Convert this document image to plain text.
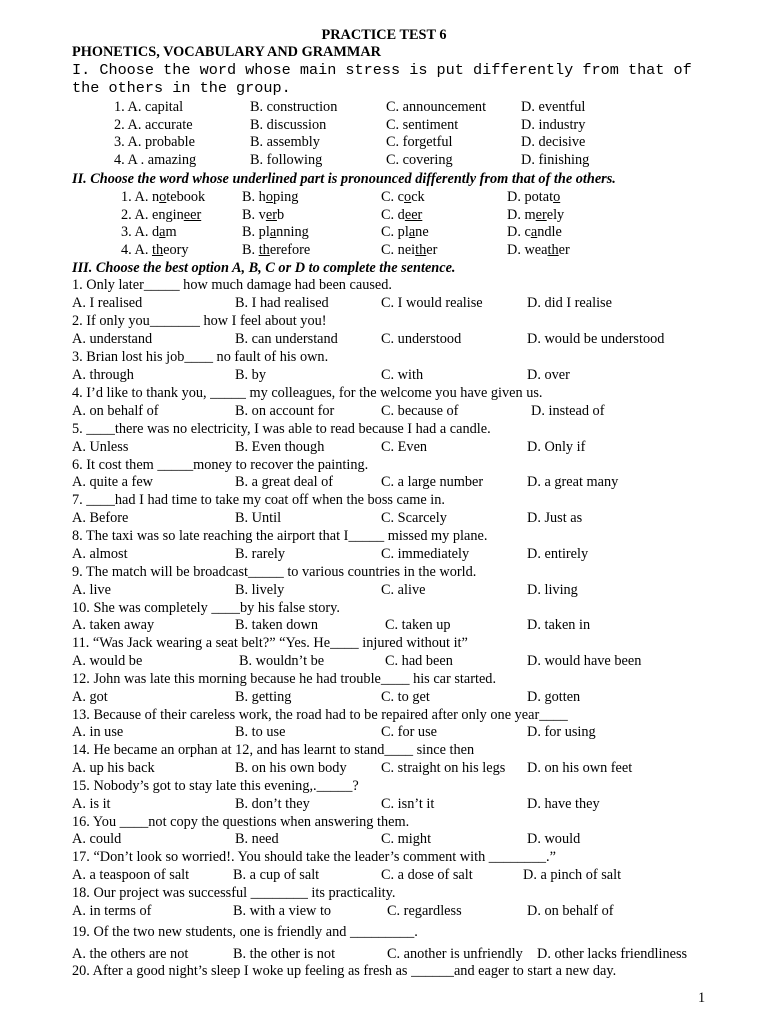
PRACTICE TEST 6
PHONETICS, VOCABULARY AND GRAMMAR
I. Choose the word whose main stress is put differently from that of
the others in the group.
1. A. capital	B. construction	C. announcement D. eventful
2. A. accurate	B. discussion	C. sentiment	D. industry
3. A. probable	B. assembly	C. forgetful	D. decisive
4. A . amazing	B. following	C. covering	D. finishing
II. Choose the word whose underlined part is pronounced differently from that of the others.
1. A. notebook	B. hoping	C. cock	D. potato
2. A. engineer	B. verb	C. deer	D. merely
3. A. dam	B. planning	C. plane	D. candle
4. A. theory	B. therefore	C. neither	D. weather
III. Choose the best option A, B, C or D to complete the sentence.
1. Only later_____ how much damage had been caused.
A. I realised	B. I had realised	C. I would realise	D. did I realise
2. If only you_______ how I feel about you!
A. understand	B. can understand	C. understood	D. would be understood
3. Brian lost his job____ no fault of his own.
A. through	B. by	C. with	D. over
4. I’d like to thank you, _____ my colleagues, for the welcome you have given us.
A. on behalf of	B. on account for	C. because of	D. instead of
5. ____there was no electricity, I was able to read because I had a candle.
A. Unless	B. Even though	C. Even	D. Only if
6. It cost them _____money to recover the painting.
A. quite a few	B. a great deal of	C. a large number	D. a great many
7. ____had I had time to take my coat off when the boss came in.
A. Before	B. Until	C. Scarcely	D. Just as
8. The taxi was so late reaching the airport that I_____ missed my plane.
A. almost	B. rarely	C. immediately	D. entirely
9. The match will be broadcast_____ to various countries in the world.
A. live	B. lively	C. alive	D. living
10. She was completely ____by his false story.
A. taken away	B. taken down	C. taken up	D. taken in
11. “Was Jack wearing a seat belt?” “Yes. He____ injured without it”
A. would be	B. wouldn’t be	C. had been	D. would have been
12. John was late this morning because he had trouble____ his car started.
A. got	B. getting	C. to get	D. gotten
13. Because of their careless work, the road had to be repaired after only one year____
A. in use	B. to use	C. for use	D. for using
14. He became an orphan at 12, and has learnt to stand____ since then
A. up his back	B. on his own body C. straight on his legs D. on his own feet
15. Nobody’s got to stay late this evening,._____?
A. is it	B. don’t they	C. isn’t it	D. have they
16. You ____not copy the questions when answering them.
A. could	B. need	C. might	D. would
17. “Don’t look so worried!. You should take the leader’s comment with ________.”
A. a teaspoon of salt	B. a cup of salt	C. a dose of salt	D. a pinch of salt
18. Our project was successful ________ its practicality.
A. in terms of	B. with a view to	C. regardless	D. on behalf of
19. Of the two new students, one is friendly and _________.
A. the others are not	B. the other is not	C. another is unfriendly D. other lacks friendliness
20. After a good night’s sleep I woke up feeling as fresh as ______and eager to start a new day.
1
